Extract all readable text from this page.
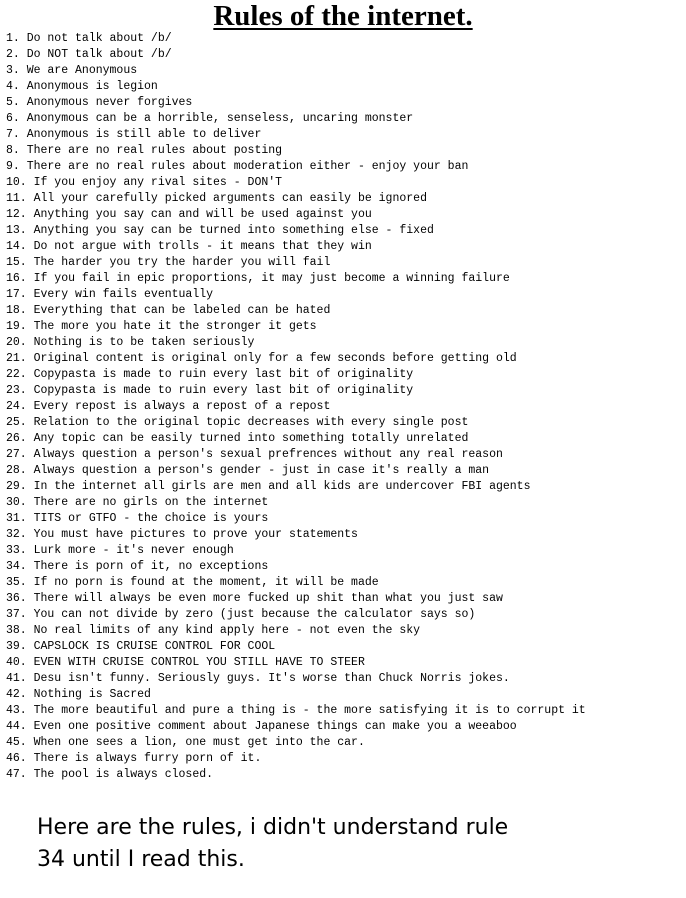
Rules of the internet.
1. Do not talk about /b/
2. Do NOT talk about /b/
3. We are Anonymous
4. Anonymous is legion
5. Anonymous never forgives
6. Anonymous can be a horrible, senseless, uncaring monster
7. Anonymous is still able to deliver
8. There are no real rules about posting
9. There are no real rules about moderation either - enjoy your ban
10. If you enjoy any rival sites - DON'T
11. All your carefully picked arguments can easily be ignored
12. Anything you say can and will be used against you
13. Anything you say can be turned into something else - fixed
14. Do not argue with trolls - it means that they win
15. The harder you try the harder you will fail
16. If you fail in epic proportions, it may just become a winning failure
17. Every win fails eventually
18. Everything that can be labeled can be hated
19. The more you hate it the stronger it gets
20. Nothing is to be taken seriously
21. Original content is original only for a few seconds before getting old
22. Copypasta is made to ruin every last bit of originality
23. Copypasta is made to ruin every last bit of originality
24. Every repost is always a repost of a repost
25. Relation to the original topic decreases with every single post
26. Any topic can be easily turned into something totally unrelated
27. Always question a person's sexual prefrences without any real reason
28. Always question a person's gender - just in case it's really a man
29. In the internet all girls are men and all kids are undercover FBI agents
30. There are no girls on the internet
31. TITS or GTFO - the choice is yours
32. You must have pictures to prove your statements
33. Lurk more - it's never enough
34. There is porn of it, no exceptions
35. If no porn is found at the moment, it will be made
36. There will always be even more fucked up shit than what you just saw
37. You can not divide by zero (just because the calculator says so)
38. No real limits of any kind apply here - not even the sky
39. CAPSLOCK IS CRUISE CONTROL FOR COOL
40. EVEN WITH CRUISE CONTROL YOU STILL HAVE TO STEER
41. Desu isn't funny. Seriously guys. It's worse than Chuck Norris jokes.
42. Nothing is Sacred
43. The more beautiful and pure a thing is - the more satisfying it is to corrupt it
44. Even one positive comment about Japanese things can make you a weeaboo
45. When one sees a lion, one must get into the car.
46. There is always furry porn of it.
47. The pool is always closed.

Here are the rules, i didn't understand rule
34 until I read this.
